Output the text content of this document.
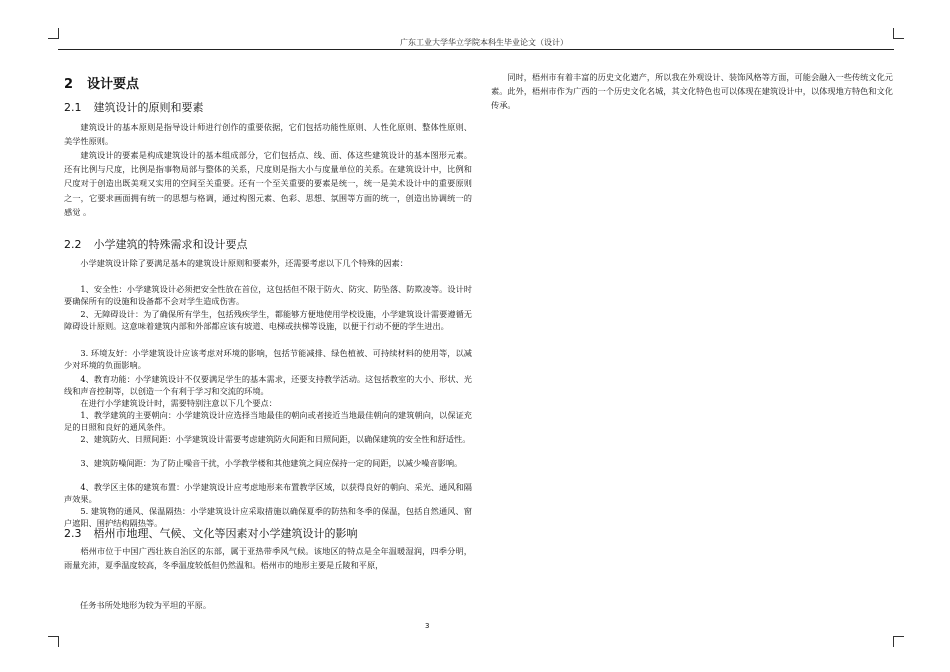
广东工业大学华立学院本科生毕业论文（设计）
2 设计要点
2.1 建筑设计的原则和要素

建筑设计的基本原则是指导设计师进行创作的重要依据，它们包括功能性原则、人性化原则、整体性原则、美学性原则。

建筑设计的要素是构成建筑设计的基本组成部分，它们包括点、线、面、体这些建筑设计的基本图形元素。还有比例与尺度，比例是指事物局部与整体的关系，尺度则是指大小与度量单位的关系。在建筑设计中，比例和尺度对于创造出既美观又实用的空间至关重要。还有一个至关重要的要素是统一，统一是美术设计中的重要原则之一，它要求画面拥有统一的思想与格调，通过构图元素、色彩、思想、氛围等方面的统一，创造出协调统一的感觉 。

2.2 小学建筑的特殊需求和设计要点

小学建筑设计除了要满足基本的建筑设计原则和要素外，还需要考虑以下几个特殊的因素：

1、安全性：小学建筑设计必须把安全性放在首位，这包括但不限于防火、防灾、防坠落、防欺凌等。设计时要确保所有的设施和设备都不会对学生造成伤害。

2、无障碍设计：为了确保所有学生，包括残疾学生，都能够方便地使用学校设施，小学建筑设计需要遵循无障碍设计原则。这意味着建筑内部和外部都应该有坡道、电梯或扶梯等设施，以便于行动不便的学生进出。

3. 环境友好：小学建筑设计应该考虑对环境的影响，包括节能减排、绿色植被、可持续材料的使用等，以减少对环境的负面影响。

4、教育功能：小学建筑设计不仅要满足学生的基本需求，还要支持教学活动。这包括教室的大小、形状、光线和声音控制等，以创造一个有利于学习和交流的环境。

在进行小学建筑设计时，需要特别注意以下几个要点：

1、教学建筑的主要朝向：小学建筑设计应选择当地最佳的朝向或者接近当地最佳朝向的建筑朝向，以保证充足的日照和良好的通风条件。

2、建筑防火、日照间距：小学建筑设计需要考虑建筑防火间距和日照间距，以确保建筑的安全性和舒适性。

3、建筑防噪间距：为了防止噪音干扰，小学教学楼和其他建筑之间应保持一定的间距，以减少噪音影响。

4、教学区主体的建筑布置：小学建筑设计应考虑地形来布置教学区域，以获得良好的朝向、采光、通风和隔声效果。

5. 建筑物的通风、保温隔热：小学建筑设计应采取措施以确保夏季的防热和冬季的保温，包括自然通风、窗户遮阳、围护结构隔热等。

2.3 梧州市地理、气候、文化等因素对小学建筑设计的影响

梧州市位于中国广西壮族自治区的东部，属于亚热带季风气候。该地区的特点是全年温暖湿润，四季分明，雨量充沛，夏季温度较高，冬季温度较低但仍然温和。梧州市的地形主要是丘陵和平原，

任务书所处地形为较为平坦的平原。

同时，梧州市有着丰富的历史文化遗产，所以我在外观设计、装饰风格等方面，可能会融入一些传统文化元素。此外，梧州市作为广西的一个历史文化名城，其文化特色也可以体现在建筑设计中，以体现地方特色和文化传承。

3
